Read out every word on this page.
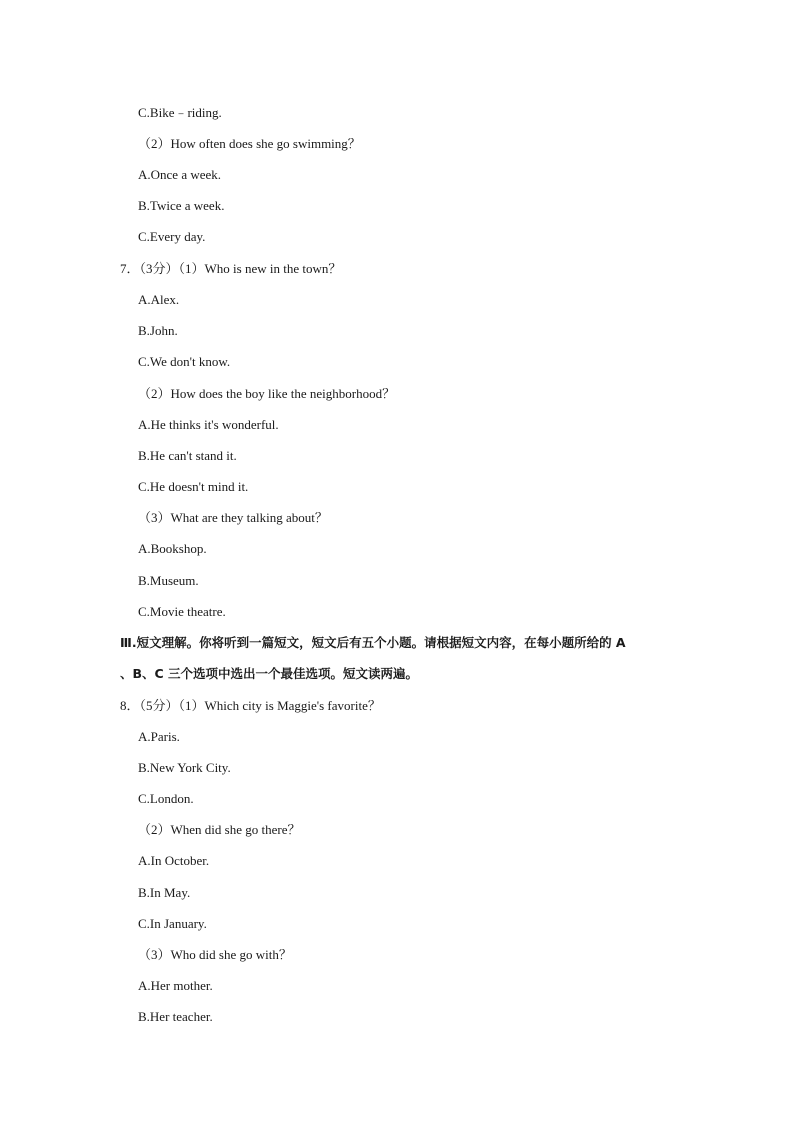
C.Bike﹣riding.
（2）How often does she go swimming？
A.Once a week.
B.Twice a week.
C.Every day.
7．（3分）（1）Who is new in the town？
A.Alex.
B.John.
C.We don't know.
（2）How does the boy like the neighborhood？
A.He thinks it's wonderful.
B.He can't stand it.
C.He doesn't mind it.
（3）What are they talking about？
A.Bookshop.
B.Museum.
C.Movie theatre.
Ⅲ.短文理解。你将听到一篇短文，短文后有五个小题。请根据短文内容，在每小题所给的 A
、B、C 三个选项中选出一个最佳选项。短文读两遍。
8．（5分）（1）Which city is Maggie's favorite？
A.Paris.
B.New York City.
C.London.
（2）When did she go there？
A.In October.
B.In May.
C.In January.
（3）Who did she go with？
A.Her mother.
B.Her teacher.
